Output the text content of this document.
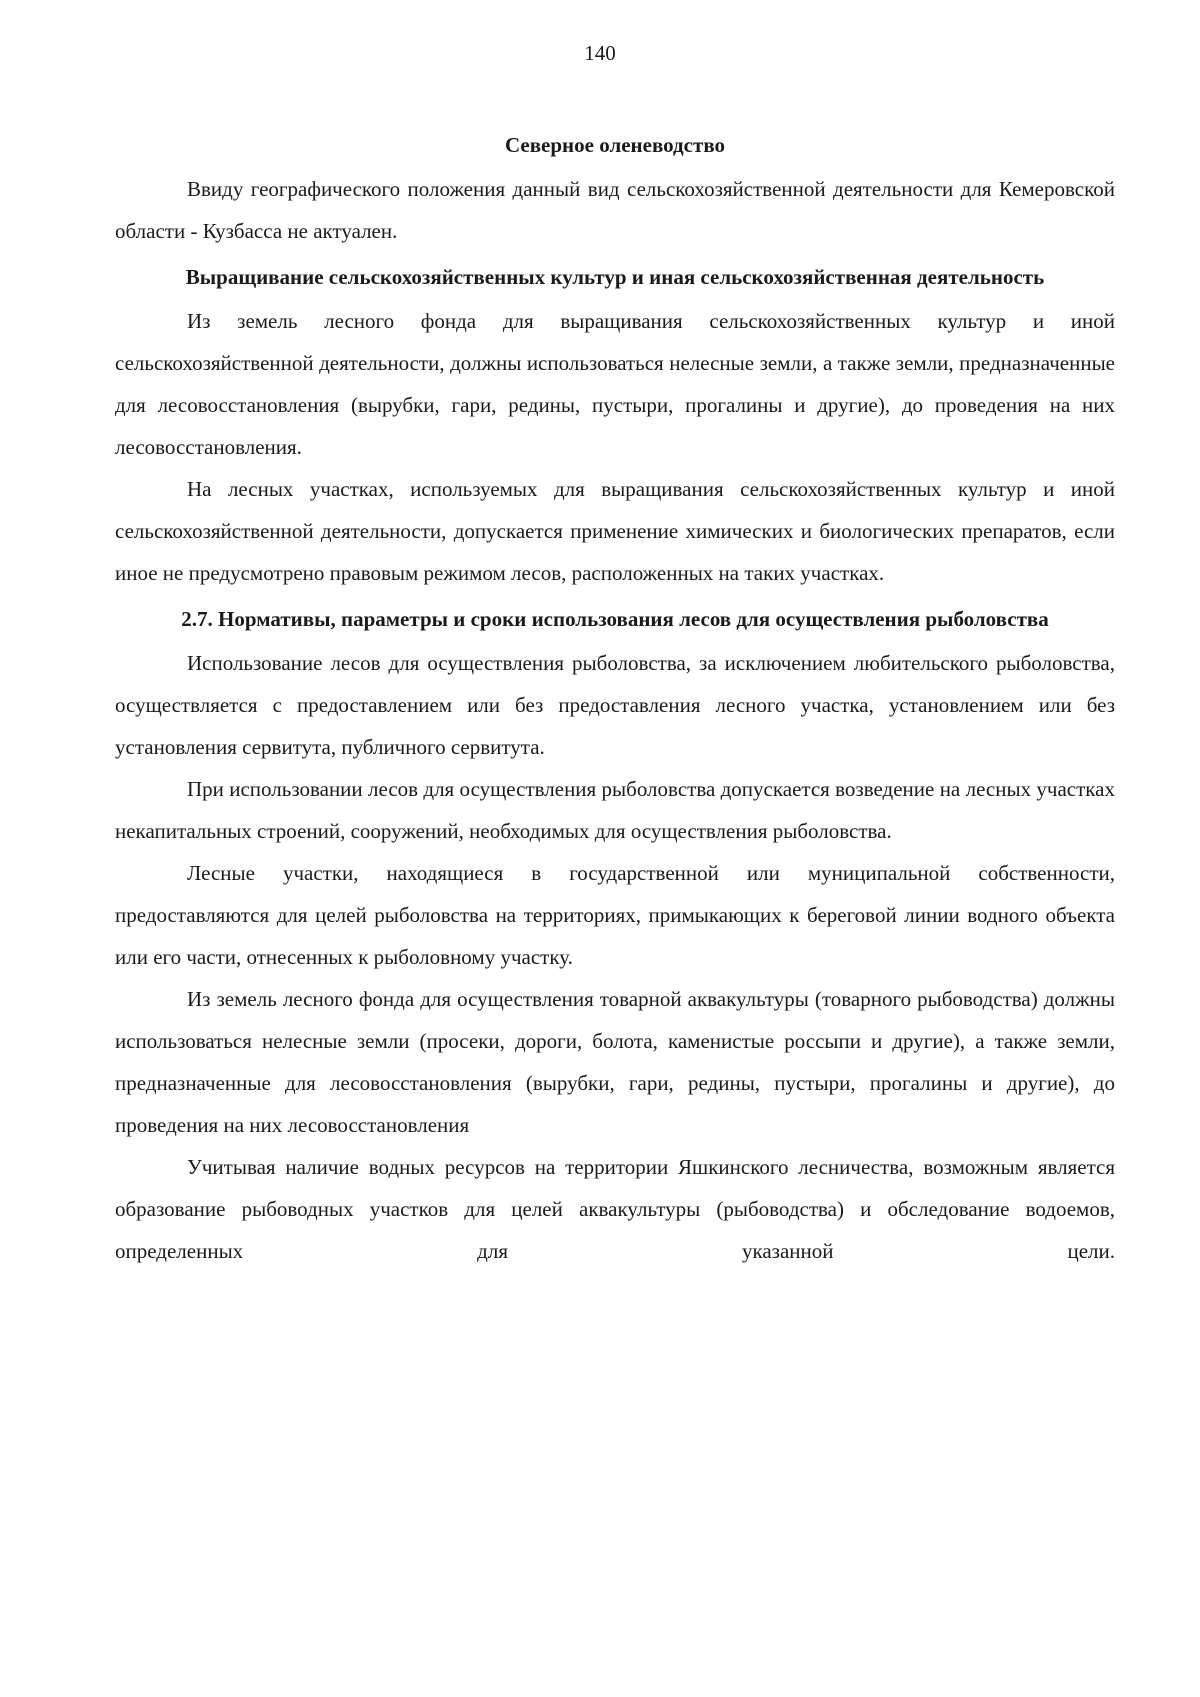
140
Северное оленеводство

Ввиду географического положения данный вид сельскохозяйственной деятельности для Кемеровской области - Кузбасса не актуален.

Выращивание сельскохозяйственных культур и иная сельскохозяйственная деятельность

Из земель лесного фонда для выращивания сельскохозяйственных культур и иной сельскохозяйственной деятельности, должны использоваться нелесные земли, а также земли, предназначенные для лесовосстановления (вырубки, гари, редины, пустыри, прогалины и другие), до проведения на них лесовосстановления.

На лесных участках, используемых для выращивания сельскохозяйственных культур и иной сельскохозяйственной деятельности, допускается применение химических и биологических препаратов, если иное не предусмотрено правовым режимом лесов, расположенных на таких участках.

2.7. Нормативы, параметры и сроки использования лесов для осуществления рыболовства

Использование лесов для осуществления рыболовства, за исключением любительского рыболовства, осуществляется с предоставлением или без предоставления лесного участка, установлением или без установления сервитута, публичного сервитута.

При использовании лесов для осуществления рыболовства допускается возведение на лесных участках некапитальных строений, сооружений, необходимых для осуществления рыболовства.

Лесные участки, находящиеся в государственной или муниципальной собственности, предоставляются для целей рыболовства на территориях, примыкающих к береговой линии водного объекта или его части, отнесенных к рыболовному участку.

Из земель лесного фонда для осуществления товарной аквакультуры (товарного рыбоводства) должны использоваться нелесные земли (просеки, дороги, болота, каменистые россыпи и другие), а также земли, предназначенные для лесовосстановления (вырубки, гари, редины, пустыри, прогалины и другие), до проведения на них лесовосстановления

Учитывая наличие водных ресурсов на территории Яшкинского лесничества, возможным является образование рыбоводных участков для целей аквакультуры (рыбоводства) и обследование водоемов, определенных для указанной цели.
